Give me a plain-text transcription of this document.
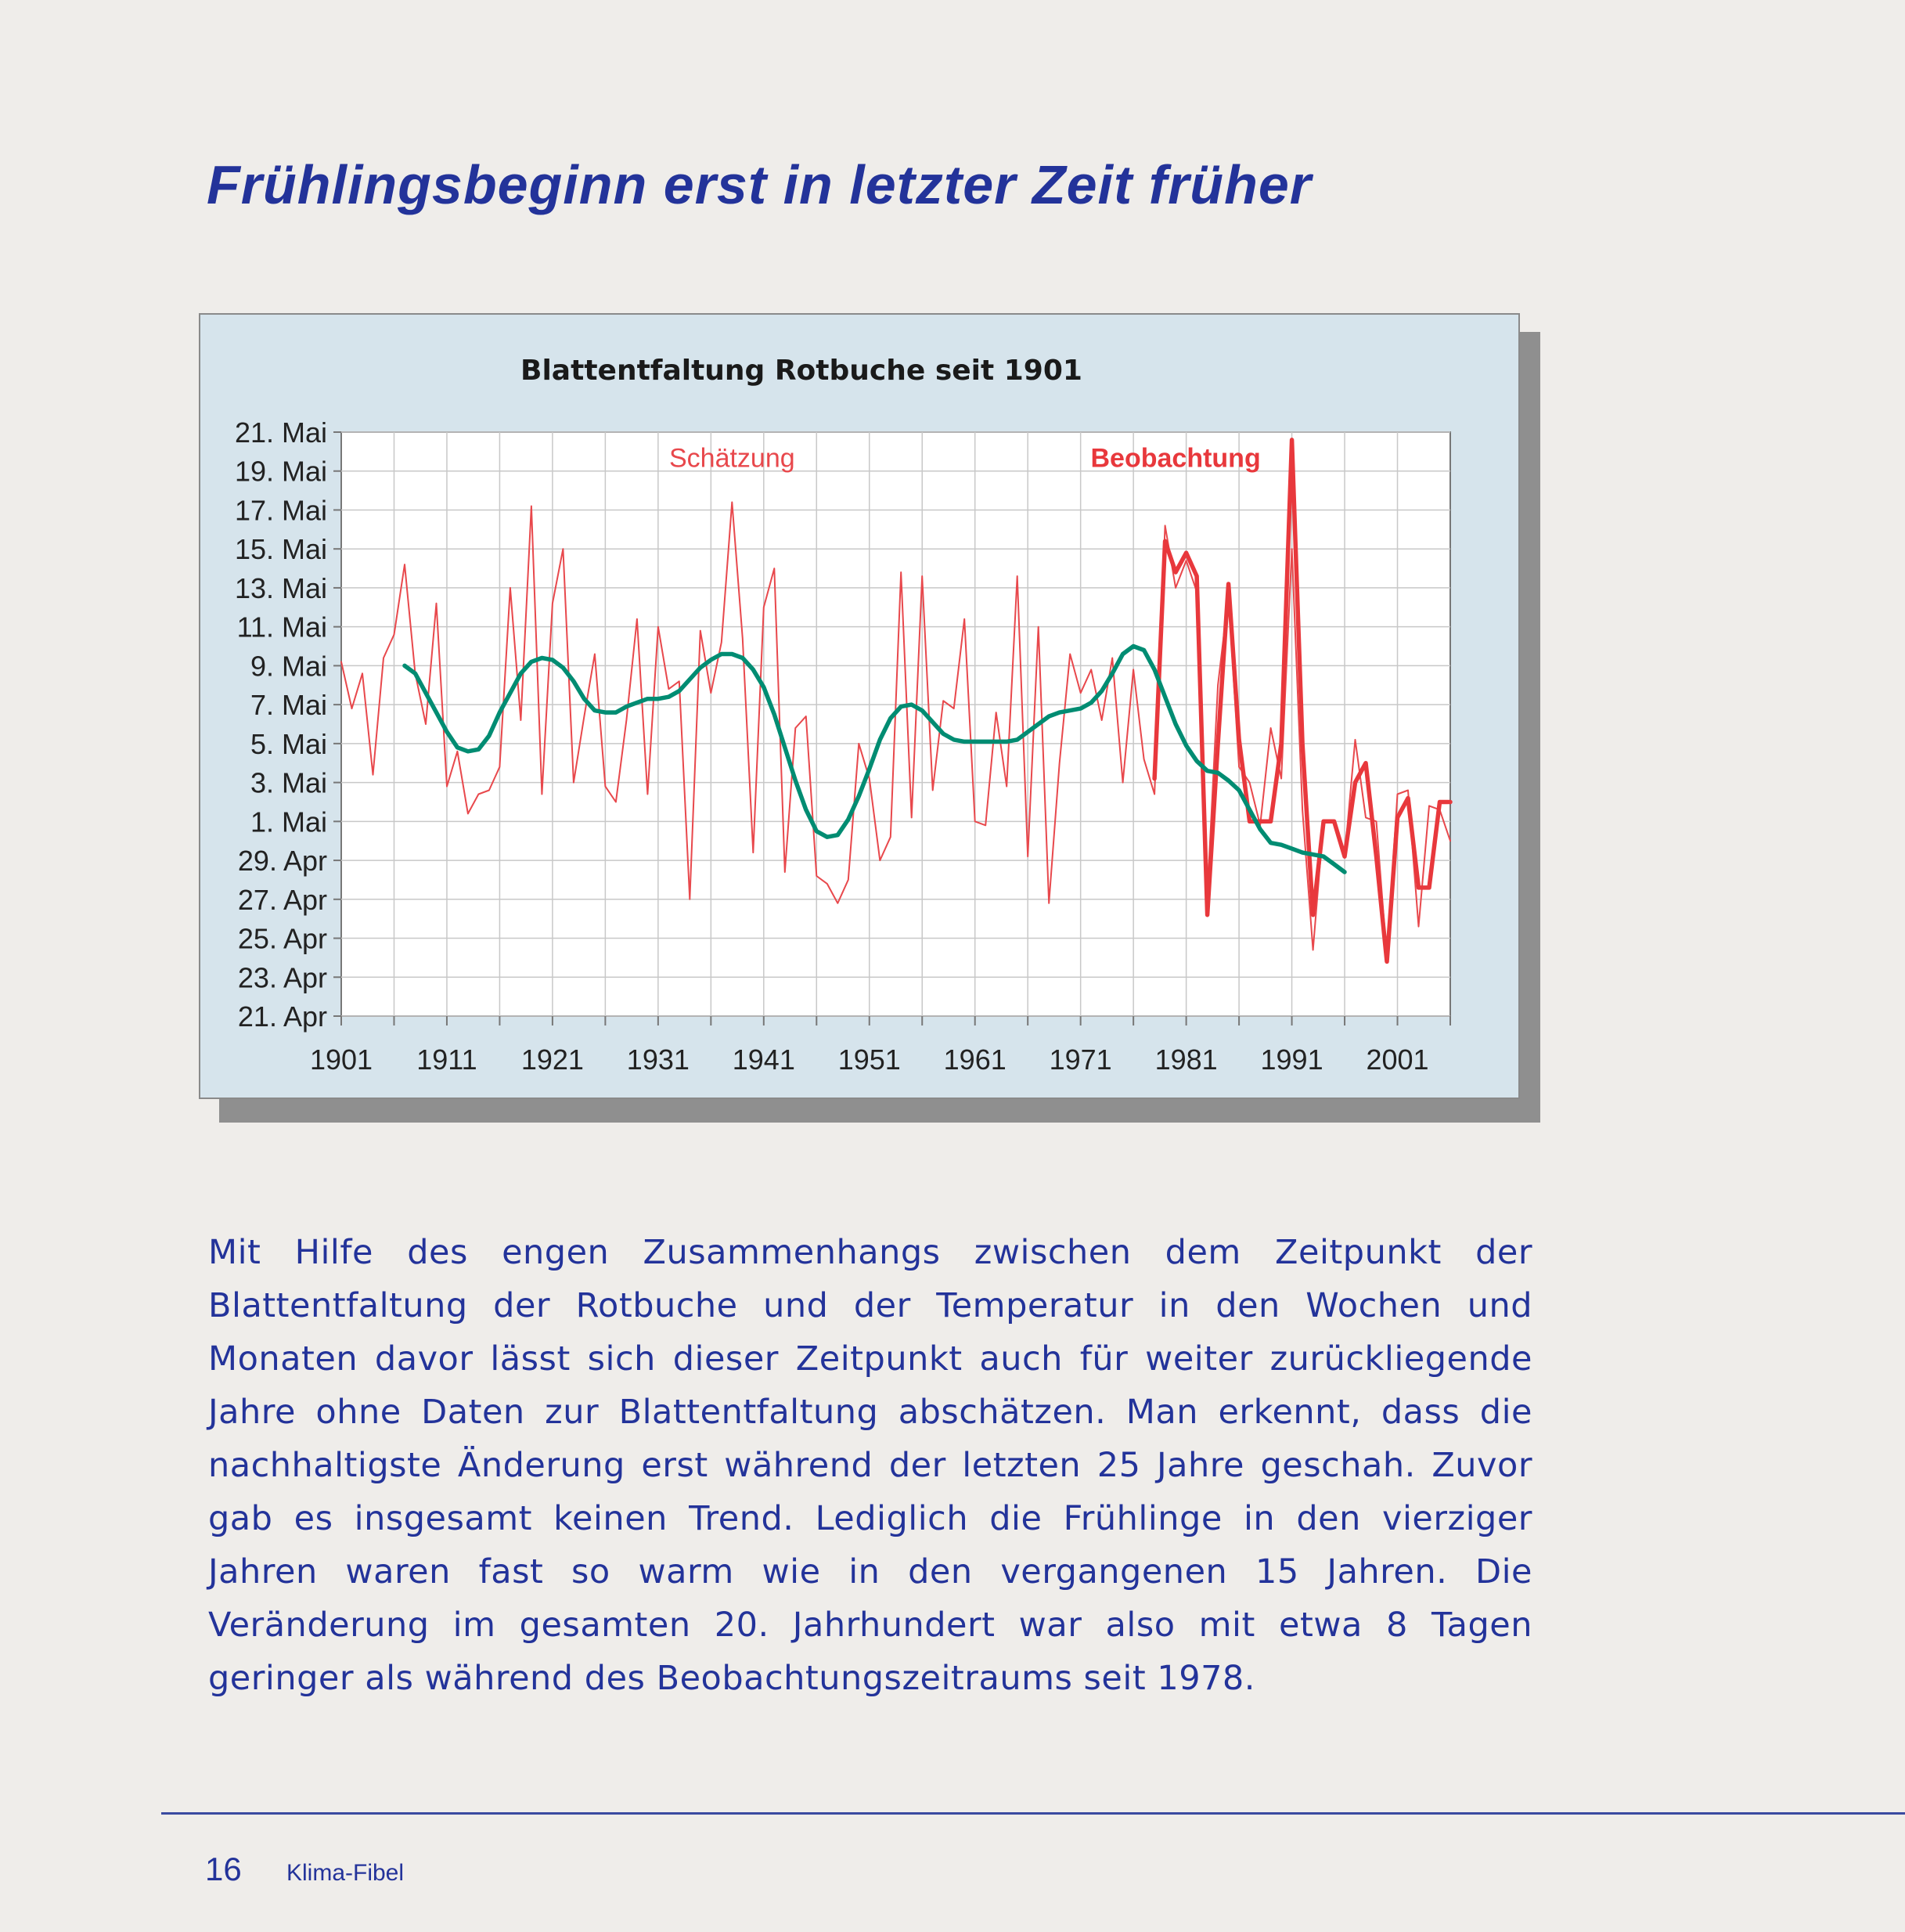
Frühlingsbeginn erst in letzter Zeit früher
Blattentfaltung Rotbuche seit 1901
21. Apr
23. Apr
25. Apr
27. Apr
29. Apr
1. Mai
3. Mai
5. Mai
7. Mai
9. Mai
11. Mai
13. Mai
15. Mai
17. Mai
19. Mai
21. Mai
1901 1911 1921 1931 1941 1951 1961 1971 1981 1991 2001
Schätzung	Beobachtung
Mit Hilfe des engen Zusammenhangs zwischen dem Zeitpunkt der Blattentfaltung der Rotbuche und der Temperatur in den Wochen und Monaten davor lässt sich dieser Zeitpunkt auch für weiter zurückliegende Jahre ohne Daten zur Blattentfaltung abschätzen. Man erkennt, dass die nachhaltigste Änderung erst während der letzten 25 Jahre geschah. Zuvor gab es insgesamt keinen Trend. Lediglich die Frühlinge in den vierziger Jahren waren fast so warm wie in den vergangenen 15 Jahren. Die Veränderung im gesamten 20. Jahrhundert war also mit etwa 8 Tagen geringer als während des Beobachtungszeitraums seit 1978.
16 Klima-Fibel
